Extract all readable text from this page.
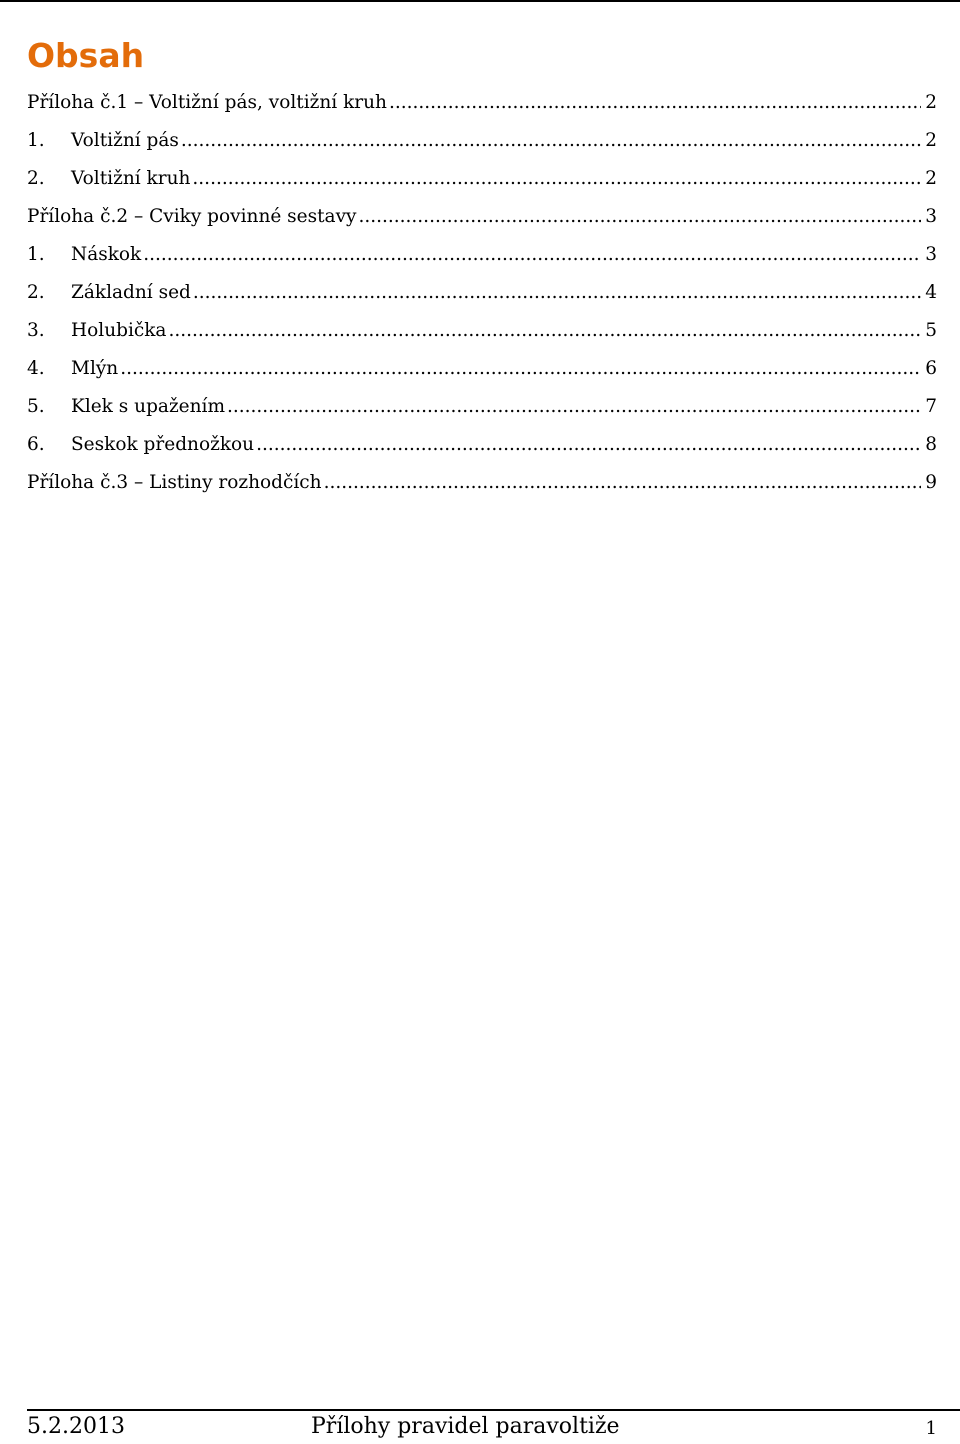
Obsah
Příloha č.1 – Voltižní pás, voltižní kruh .....	2
1.	Voltižní pás .....	2
2.	Voltižní kruh .....	2
Příloha č.2 – Cviky povinné sestavy .....	3
1.	Náskok .....	3
2.	Základní sed .....	4
3.	Holubička .....	5
4.	Mlýn .....	6
5.	Klek s upažením .....	7
6.	Seskok přednožkou .....	8
Příloha č.3 – Listiny rozhodčích .....	9
5.2.2013	Přílohy pravidel paravoltiže	1
